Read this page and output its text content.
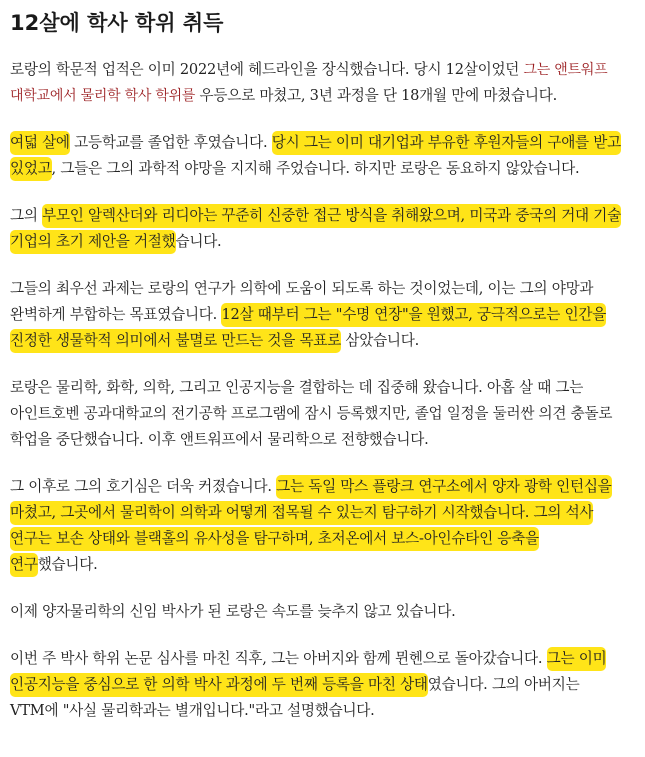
12살에 학사 학위 취득

로랑의 학문적 업적은 이미 2022년에 헤드라인을 장식했습니다. 당시 12살이었던 그는 앤트워프 대학교에서 물리학 학사 학위를 우등으로 마쳤고, 3년 과정을 단 18개월 만에 마쳤습니다.

여덟 살에 고등학교를 졸업한 후였습니다. 당시 그는 이미 대기업과 부유한 후원자들의 구애를 받고 있었고, 그들은 그의 과학적 야망을 지지해 주었습니다. 하지만 로랑은 동요하지 않았습니다.

그의 부모인 알렉산더와 리디아는 꾸준히 신중한 접근 방식을 취해왔으며, 미국과 중국의 거대 기술 기업의 초기 제안을 거절했습니다.

그들의 최우선 과제는 로랑의 연구가 의학에 도움이 되도록 하는 것이었는데, 이는 그의 야망과 완벽하게 부합하는 목표였습니다. 12살 때부터 그는 "수명 연장"을 원했고, 궁극적으로는 인간을 진정한 생물학적 의미에서 불멸로 만드는 것을 목표로 삼았습니다.

로랑은 물리학, 화학, 의학, 그리고 인공지능을 결합하는 데 집중해 왔습니다. 아홉 살 때 그는 아인트호벤 공과대학교의 전기공학 프로그램에 잠시 등록했지만, 졸업 일정을 둘러싼 의견 충돌로 학업을 중단했습니다. 이후 앤트워프에서 물리학으로 전향했습니다.

그 이후로 그의 호기심은 더욱 커졌습니다. 그는 독일 막스 플랑크 연구소에서 양자 광학 인턴십을 마쳤고, 그곳에서 물리학이 의학과 어떻게 접목될 수 있는지 탐구하기 시작했습니다. 그의 석사 연구는 보손 상태와 블랙홀의 유사성을 탐구하며, 초저온에서 보스-아인슈타인 응축을 연구했습니다.

이제 양자물리학의 신임 박사가 된 로랑은 속도를 늦추지 않고 있습니다.

이번 주 박사 학위 논문 심사를 마친 직후, 그는 아버지와 함께 뮌헨으로 돌아갔습니다. 그는 이미 인공지능을 중심으로 한 의학 박사 과정에 두 번째 등록을 마친 상태였습니다. 그의 아버지는 VTM에 "사실 물리학과는 별개입니다."라고 설명했습니다.
